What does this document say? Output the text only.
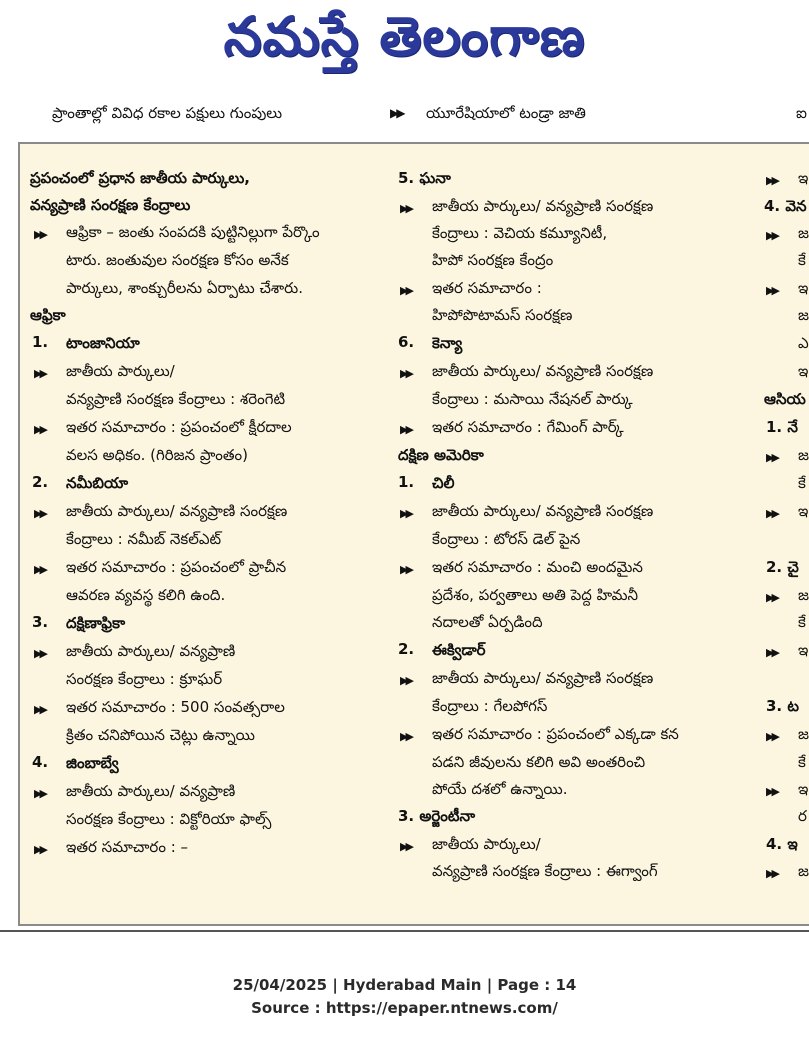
నమస్తే తెలంగాణ
ప్రాంతాల్లో వివిధ రకాల పక్షులు గుంపులు	▶▶ యూరేషియాలో టండ్రా జాతి	ఐ
ప్రపంచంలో ప్రధాన జాతీయ పార్కులు,
వన్యప్రాణి సంరక్షణ కేంద్రాలు
▶▶ ఆఫ్రికా – జంతు సంపదకి పుట్టినిల్లుగా పేర్కొం
టారు. జంతువుల సంరక్షణ కోసం అనేక
పార్కులు, శాంక్చురీలను ఏర్పాటు చేశారు.
ఆఫ్రికా
1. టాంజానియా
▶▶ జాతీయ పార్కులు/
వన్యప్రాణి సంరక్షణ కేంద్రాలు : శరెంగెటి
▶▶ ఇతర సమాచారం : ప్రపంచంలో క్షీరదాల
వలస అధికం. (గిరిజన ప్రాంతం)
2. నమీబియా
▶▶ జాతీయ పార్కులు/ వన్యప్రాణి సంరక్షణ
కేంద్రాలు : నమీబ్ నెకల్ఎట్
▶▶ ఇతర సమాచారం : ప్రపంచంలో ప్రాచీన
ఆవరణ వ్యవస్థ కలిగి ఉంది.
3. దక్షిణాఫ్రికా
▶▶ జాతీయ పార్కులు/ వన్యప్రాణి
సంరక్షణ కేంద్రాలు : క్రూఘర్
▶▶ ఇతర సమాచారం : 500 సంవత్సరాల
క్రితం చనిపోయిన చెట్లు ఉన్నాయి
4. జింబాబ్వే
▶▶ జాతీయ పార్కులు/ వన్యప్రాణి
సంరక్షణ కేంద్రాలు : విక్టోరియా ఫాల్స్
▶▶ ఇతర సమాచారం : –
5. ఘనా
▶▶ జాతీయ పార్కులు/ వన్యప్రాణి సంరక్షణ
కేంద్రాలు : వెచియ కమ్యూనిటీ,
హిపో సంరక్షణ కేంద్రం
▶▶ ఇతర సమాచారం :
హిపోపొటామస్ సంరక్షణ
6. కెన్యా
▶▶ జాతీయ పార్కులు/ వన్యప్రాణి సంరక్షణ
కేంద్రాలు : మసాయి నేషనల్ పార్కు
▶▶ ఇతర సమాచారం : గేమింగ్ పార్క్
దక్షిణ అమెరికా
1. చిలీ
▶▶ జాతీయ పార్కులు/ వన్యప్రాణి సంరక్షణ
కేంద్రాలు : టోరస్ డెల్ పైన
▶▶ ఇతర సమాచారం : మంచి అందమైన
ప్రదేశం, పర్వతాలు అతి పెద్ద హిమనీ
నదాలతో ఏర్పడింది
2. ఈక్విడార్
▶▶ జాతీయ పార్కులు/ వన్యప్రాణి సంరక్షణ
కేంద్రాలు : గేలపోగస్
▶▶ ఇతర సమాచారం : ప్రపంచంలో ఎక్కడా కన
పడని జీవులను కలిగి అవి అంతరించి
పోయే దశలో ఉన్నాయి.
3. అర్జెంటీనా
▶▶ జాతీయ పార్కులు/
వన్యప్రాణి సంరక్షణ కేంద్రాలు : ఈగ్వాంగ్
▶▶ ఇ
4. వెన
▶▶ జ
కే
▶▶ ఇ
జ
ఎ
ఇ
ఆసియ
1. నే
▶▶ జ
కే
▶▶ ఇ
2. చై
▶▶ జ
కే
▶▶ ఇ
3. ట
▶▶ జ
కే
▶▶ ఇ
ర
4. ఇ
▶▶ జ
25/04/2025 | Hyderabad Main | Page : 14
Source : https://epaper.ntnews.com/
